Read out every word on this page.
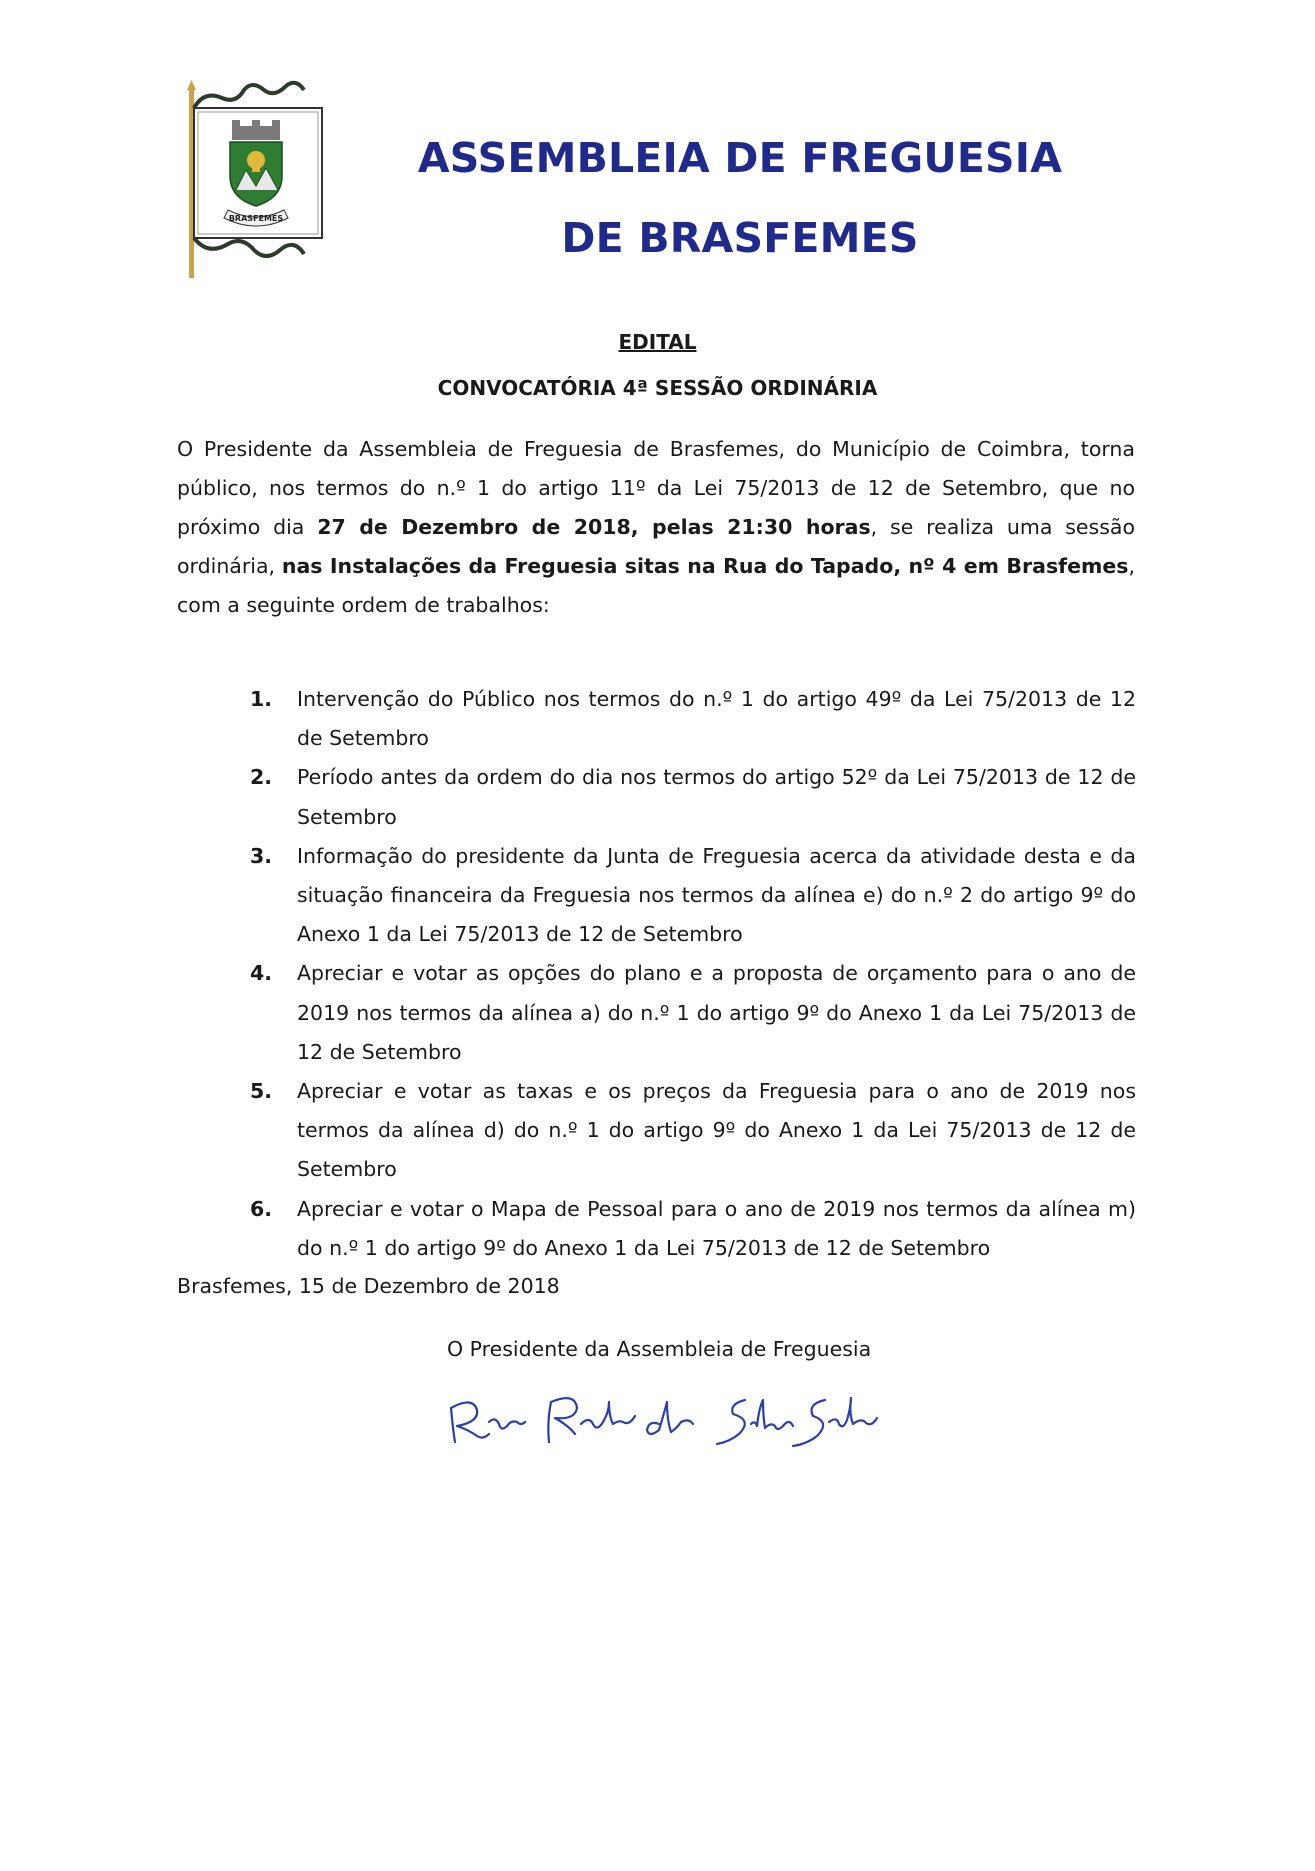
BRASFEMES
ASSEMBLEIA DE FREGUESIA
DE BRASFEMES
EDITAL
CONVOCATÓRIA 4ª SESSÃO ORDINÁRIA

O Presidente da Assembleia de Freguesia de Brasfemes, do Município de Coimbra, torna público, nos termos do n.º 1 do artigo 11º da Lei 75/2013 de 12 de Setembro, que no próximo dia 27 de Dezembro de 2018, pelas 21:30 horas, se realiza uma sessão ordinária, nas Instalações da Freguesia sitas na Rua do Tapado, nº 4 em Brasfemes, com a seguinte ordem de trabalhos:

1. Intervenção do Público nos termos do n.º 1 do artigo 49º da Lei 75/2013 de 12 de Setembro
2. Período antes da ordem do dia nos termos do artigo 52º da Lei 75/2013 de 12 de Setembro
3. Informação do presidente da Junta de Freguesia acerca da atividade desta e da situação financeira da Freguesia nos termos da alínea e) do n.º 2 do artigo 9º do Anexo 1 da Lei 75/2013 de 12 de Setembro
4. Apreciar e votar as opções do plano e a proposta de orçamento para o ano de 2019 nos termos da alínea a) do n.º 1 do artigo 9º do Anexo 1 da Lei 75/2013 de 12 de Setembro
5. Apreciar e votar as taxas e os preços da Freguesia para o ano de 2019 nos termos da alínea d) do n.º 1 do artigo 9º do Anexo 1 da Lei 75/2013 de 12 de Setembro
6. Apreciar e votar o Mapa de Pessoal para o ano de 2019 nos termos da alínea m) do n.º 1 do artigo 9º do Anexo 1 da Lei 75/2013 de 12 de Setembro
Brasfemes, 15 de Dezembro de 2018
O Presidente da Assembleia de Freguesia
